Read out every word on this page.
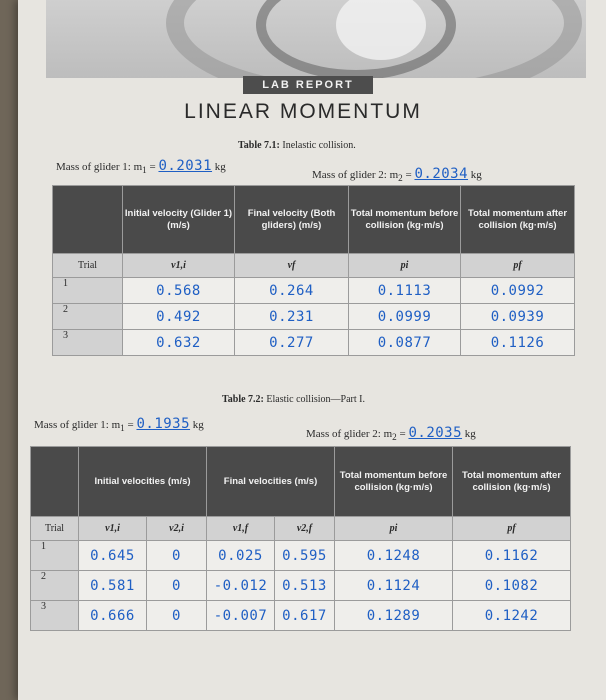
LAB REPORT
LINEAR MOMENTUM
Table 7.1: Inelastic collision.
Mass of glider 1: $m_1 = 0.2031$ kg
Mass of glider 2: $m_2 = 0.2034$ kg
	Initial velocity (Glider 1) (m/s)	Final velocity (Both gliders) (m/s)	Total momentum before collision (kg·m/s)	Total momentum after collision (kg·m/s)
Trial	v1,i	vf	pi	pf
1	0.568	0.264	0.1113	0.0992
2	0.492	0.231	0.0999	0.0939
3	0.632	0.277	0.0877	0.1126
Table 7.2: Elastic collision—Part I.
Mass of glider 1: $m_1 = 0.1935$ kg
Mass of glider 2: $m_2 = 0.2035$ kg
	Initial velocities (m/s)		Final velocities (m/s)		Total momentum before collision (kg·m/s)	Total momentum after collision (kg·m/s)
Trial	v1,i	v2,i	v1,f	v2,f	pi	pf
1	0.645	0	0.025	0.595	0.1248	0.1162
2	0.581	0	-0.012	0.513	0.1124	0.1082
3	0.666	0	-0.007	0.617	0.1289	0.1242
